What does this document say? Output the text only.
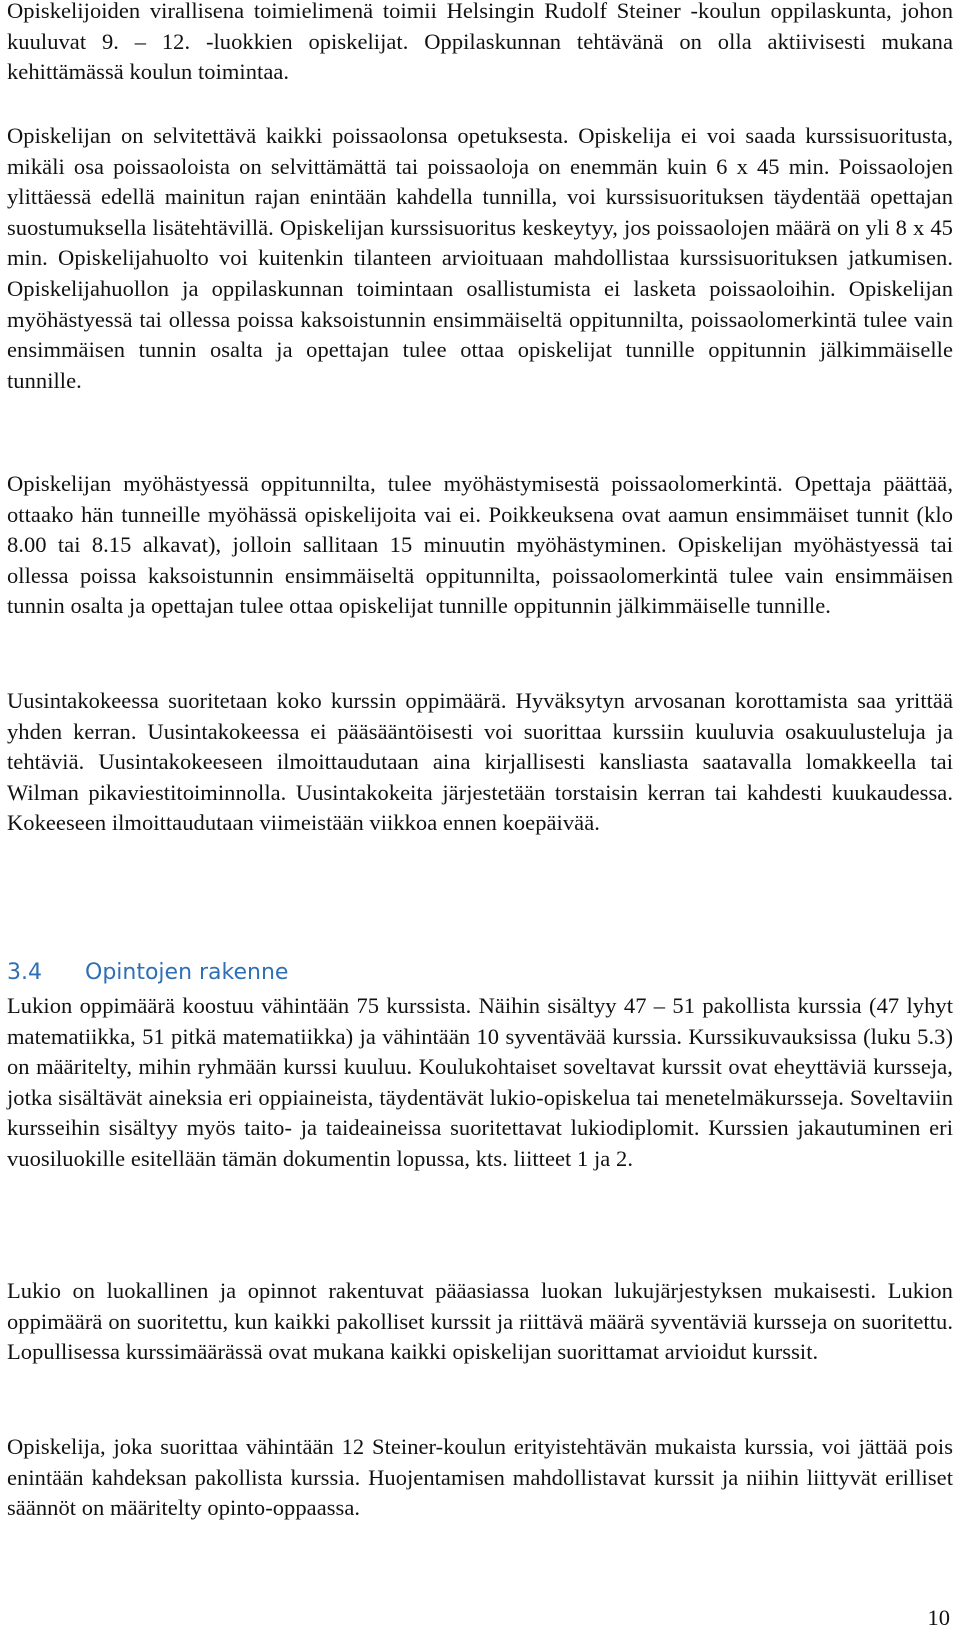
Opiskelijoiden virallisena toimielimenä toimii Helsingin Rudolf Steiner -koulun oppilaskunta, johon kuuluvat 9. – 12. -luokkien opiskelijat. Oppilaskunnan tehtävänä on olla aktiivisesti mukana kehittämässä koulun toimintaa.

Opiskelijan on selvitettävä kaikki poissaolonsa opetuksesta. Opiskelija ei voi saada kurssisuoritusta, mikäli osa poissaoloista on selvittämättä tai poissaoloja on enemmän kuin 6 x 45 min. Poissaolojen ylittäessä edellä mainitun rajan enintään kahdella tunnilla, voi kurssisuorituksen täydentää opettajan suostumuksella lisätehtävillä. Opiskelijan kurssisuoritus keskeytyy, jos poissaolojen määrä on yli 8 x 45 min. Opiskelijahuolto voi kuitenkin tilanteen arvioituaan mahdollistaa kurssisuorituksen jatkumisen. Opiskelijahuollon ja oppilaskunnan toimintaan osallistumista ei lasketa poissaoloihin. Opiskelijan myöhästyessä tai ollessa poissa kaksoistunnin ensimmäiseltä oppitunnilta, poissaolomerkintä tulee vain ensimmäisen tunnin osalta ja opettajan tulee ottaa opiskelijat tunnille oppitunnin jälkimmäiselle tunnille.

Opiskelijan myöhästyessä oppitunnilta, tulee myöhästymisestä poissaolomerkintä. Opettaja päättää, ottaako hän tunneille myöhässä opiskelijoita vai ei. Poikkeuksena ovat aamun ensimmäiset tunnit (klo 8.00 tai 8.15 alkavat), jolloin sallitaan 15 minuutin myöhästyminen. Opiskelijan myöhästyessä tai ollessa poissa kaksoistunnin ensimmäiseltä oppitunnilta, poissaolomerkintä tulee vain ensimmäisen tunnin osalta ja opettajan tulee ottaa opiskelijat tunnille oppitunnin jälkimmäiselle tunnille.

Uusintakokeessa suoritetaan koko kurssin oppimäärä. Hyväksytyn arvosanan korottamista saa yrittää yhden kerran. Uusintakokeessa ei pääsääntöisesti voi suorittaa kurssiin kuuluvia osakuulusteluja ja tehtäviä. Uusintakokeeseen ilmoittaudutaan aina kirjallisesti kansliasta saatavalla lomakkeella tai Wilman pikaviestitoiminnolla. Uusintakokeita järjestetään torstaisin kerran tai kahdesti kuukaudessa. Kokeeseen ilmoittaudutaan viimeistään viikkoa ennen koepäivää.

3.4 Opintojen rakenne

Lukion oppimäärä koostuu vähintään 75 kurssista. Näihin sisältyy 47 – 51 pakollista kurssia (47 lyhyt matematiikka, 51 pitkä matematiikka) ja vähintään 10 syventävää kurssia. Kurssikuvauksissa (luku 5.3) on määritelty, mihin ryhmään kurssi kuuluu. Koulukohtaiset soveltavat kurssit ovat eheyttäviä kursseja, jotka sisältävät aineksia eri oppiaineista, täydentävät lukio-opiskelua tai menetelmäkursseja. Soveltaviin kursseihin sisältyy myös taito- ja taideaineissa suoritettavat lukiodiplomit. Kurssien jakautuminen eri vuosiluokille esitellään tämän dokumentin lopussa, kts. liitteet 1 ja 2.

Lukio on luokallinen ja opinnot rakentuvat pääasiassa luokan lukujärjestyksen mukaisesti. Lukion oppimäärä on suoritettu, kun kaikki pakolliset kurssit ja riittävä määrä syventäviä kursseja on suoritettu. Lopullisessa kurssimäärässä ovat mukana kaikki opiskelijan suorittamat arvioidut kurssit.

Opiskelija, joka suorittaa vähintään 12 Steiner-koulun erityistehtävän mukaista kurssia, voi jättää pois enintään kahdeksan pakollista kurssia. Huojentamisen mahdollistavat kurssit ja niihin liittyvät erilliset säännöt on määritelty opinto-oppaassa.

10
